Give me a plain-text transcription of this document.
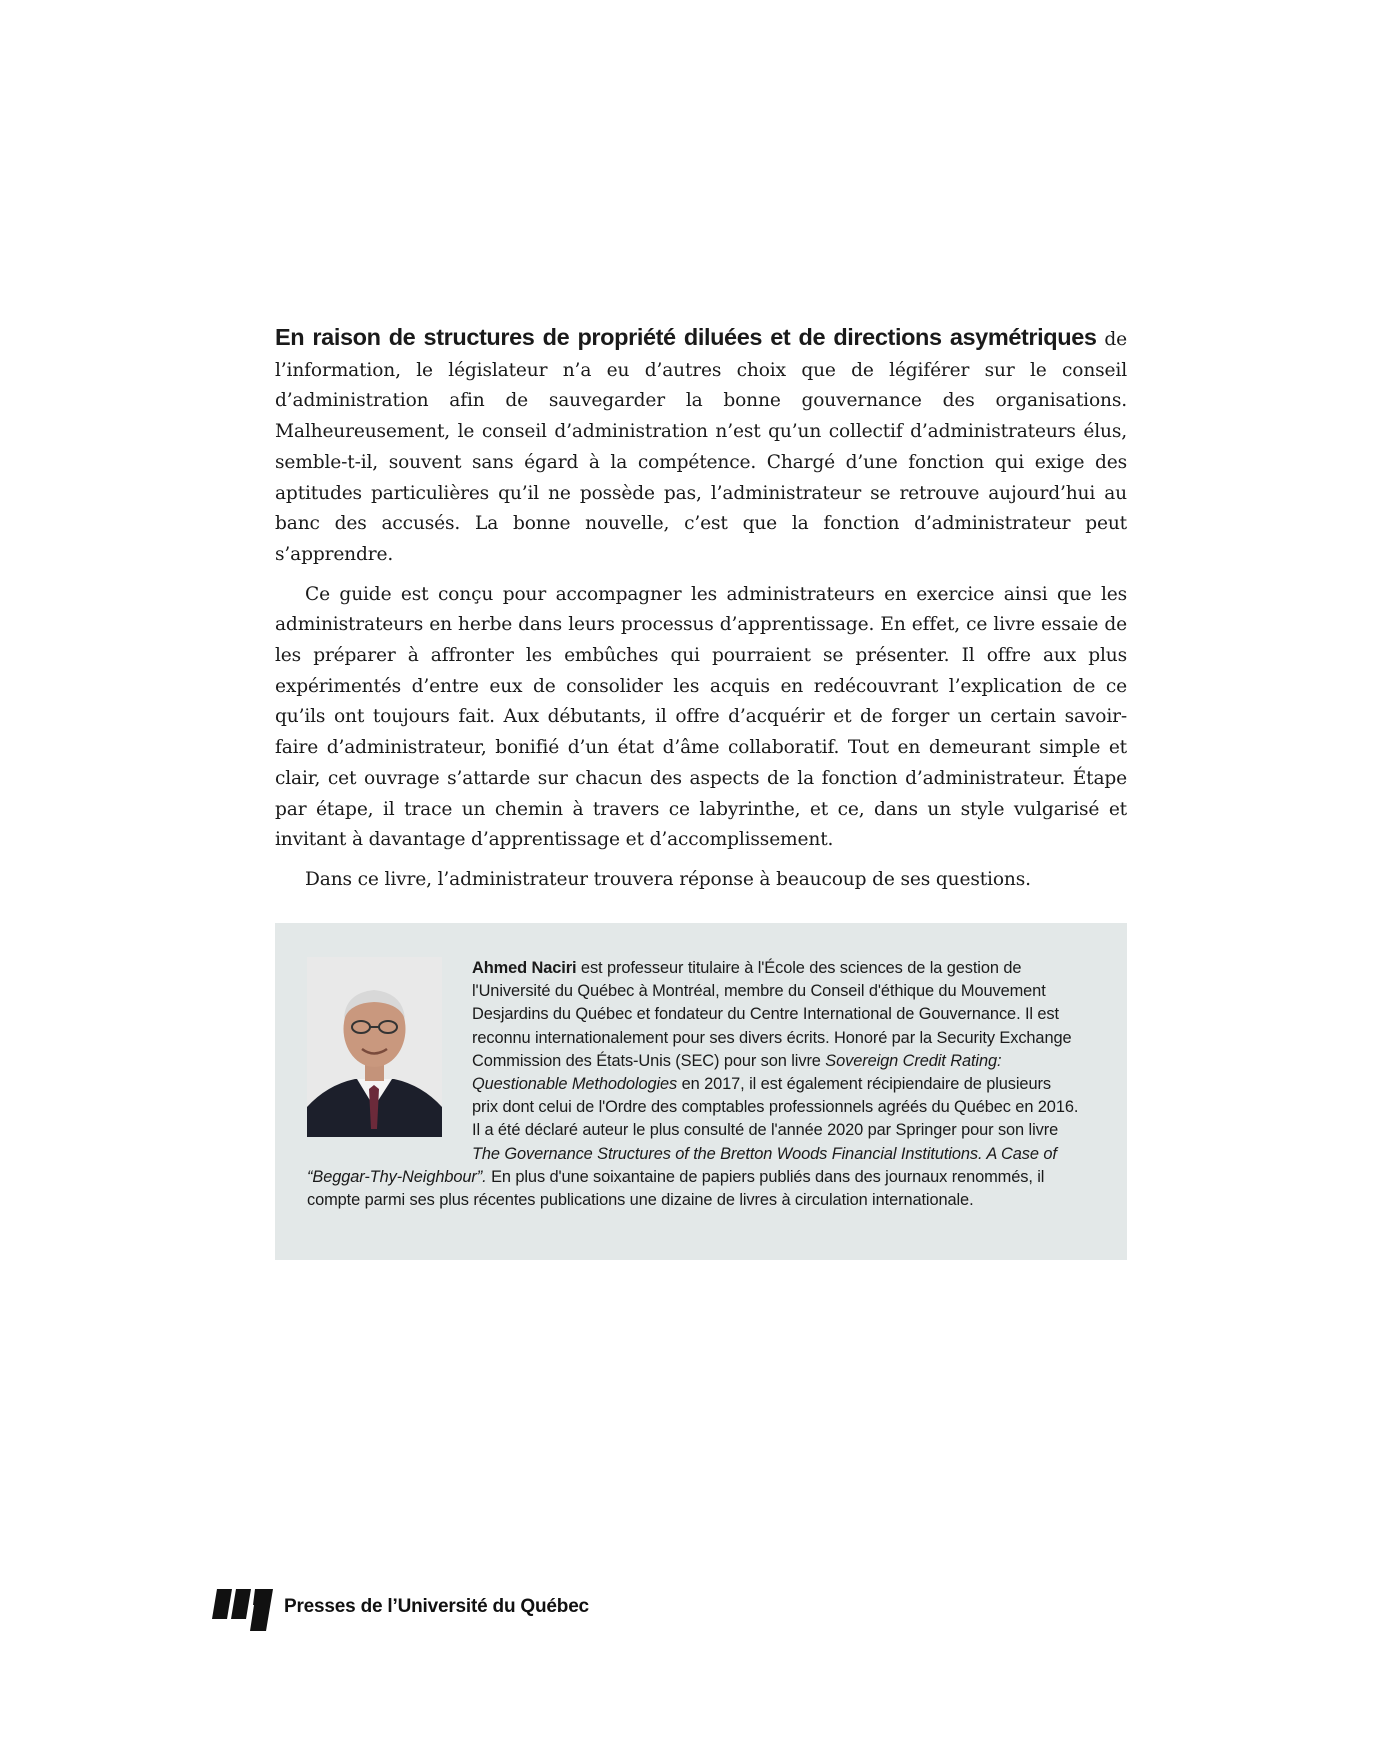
En raison de structures de propriété diluées et de directions asymétriques de l’information, le législateur n’a eu d’autres choix que de légiférer sur le conseil d’administration afin de sauvegarder la bonne gouvernance des organisations. Malheureusement, le conseil d’administration n’est qu’un collectif d’administrateurs élus, semble-t-il, souvent sans égard à la compétence. Chargé d’une fonction qui exige des aptitudes particulières qu’il ne possède pas, l’administrateur se retrouve aujourd’hui au banc des accusés. La bonne nouvelle, c’est que la fonction d’administrateur peut s’apprendre.

Ce guide est conçu pour accompagner les administrateurs en exercice ainsi que les administrateurs en herbe dans leurs processus d’apprentissage. En effet, ce livre essaie de les préparer à affronter les embûches qui pourraient se présenter. Il offre aux plus expérimentés d’entre eux de consolider les acquis en redécouvrant l’explication de ce qu’ils ont toujours fait. Aux débutants, il offre d’acquérir et de forger un certain savoir-faire d’administrateur, bonifié d’un état d’âme collaboratif. Tout en demeurant simple et clair, cet ouvrage s’attarde sur chacun des aspects de la fonction d’administrateur. Étape par étape, il trace un chemin à travers ce labyrinthe, et ce, dans un style vulgarisé et invitant à davantage d’apprentissage et d’accomplissement.

Dans ce livre, l’administrateur trouvera réponse à beaucoup de ses questions.

Ahmed Naciri est professeur titulaire à l'École des sciences de la gestion de l'Université du Québec à Montréal, membre du Conseil d'éthique du Mouvement Desjardins du Québec et fondateur du Centre International de Gouvernance. Il est reconnu internationalement pour ses divers écrits. Honoré par la Security Exchange Commission des États-Unis (SEC) pour son livre Sovereign Credit Rating: Questionable Methodologies en 2017, il est également récipiendaire de plusieurs prix dont celui de l'Ordre des comptables professionnels agréés du Québec en 2016. Il a été déclaré auteur le plus consulté de l'année 2020 par Springer pour son livre The Governance Structures of the Bretton Woods Financial Institutions. A Case of “Beggar-Thy-Neighbour”. En plus d'une soixantaine de papiers publiés dans des journaux renommés, il compte parmi ses plus récentes publications une dizaine de livres à circulation internationale.

Presses de l’Université du Québec
